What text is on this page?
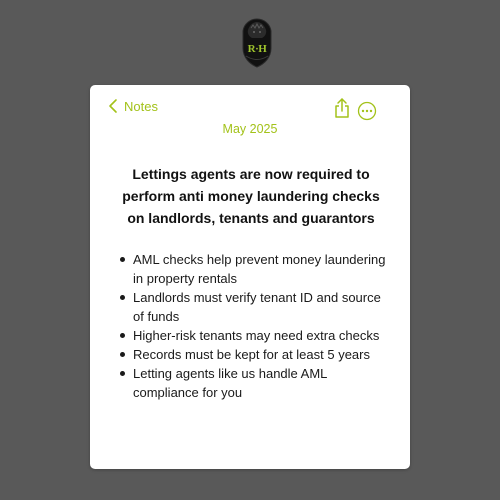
R·H
Notes
May 2025
Lettings agents are now required to perform anti money laundering checks on landlords, tenants and guarantors
AML checks help prevent money laundering in property rentals
Landlords must verify tenant ID and source of funds
Higher-risk tenants may need extra checks
Records must be kept for at least 5 years
Letting agents like us handle AML compliance for you
